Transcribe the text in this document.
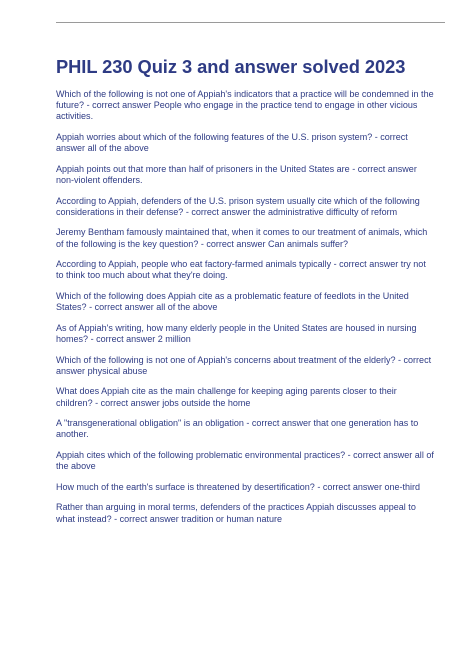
PHIL 230 Quiz 3 and answer solved 2023

Which of the following is not one of Appiah's indicators that a practice will be condemned in the future? - correct answer People who engage in the practice tend to engage in other vicious activities.

Appiah worries about which of the following features of the U.S. prison system? - correct answer all of the above

Appiah points out that more than half of prisoners in the United States are - correct answer non-violent offenders.

According to Appiah, defenders of the U.S. prison system usually cite which of the following considerations in their defense? - correct answer the administrative difficulty of reform

Jeremy Bentham famously maintained that, when it comes to our treatment of animals, which of the following is the key question? - correct answer Can animals suffer?

According to Appiah, people who eat factory-farmed animals typically - correct answer try not to think too much about what they're doing.

Which of the following does Appiah cite as a problematic feature of feedlots in the United States? - correct answer all of the above

As of Appiah's writing, how many elderly people in the United States are housed in nursing homes? - correct answer 2 million

Which of the following is not one of Appiah's concerns about treatment of the elderly? - correct answer physical abuse

What does Appiah cite as the main challenge for keeping aging parents closer to their children? - correct answer jobs outside the home

A "transgenerational obligation" is an obligation - correct answer that one generation has to another.

Appiah cites which of the following problematic environmental practices? - correct answer all of the above

How much of the earth's surface is threatened by desertification? - correct answer one-third

Rather than arguing in moral terms, defenders of the practices Appiah discusses appeal to what instead? - correct answer tradition or human nature
